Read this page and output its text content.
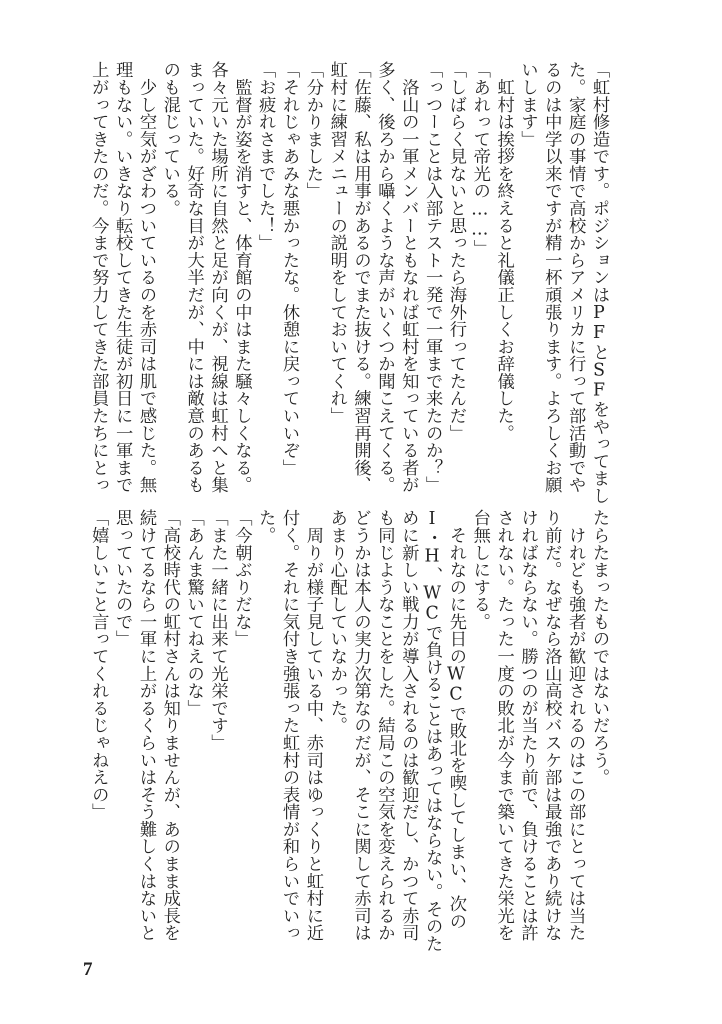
「虹村修造です。ポジションはPFとSFをやってまし
た。家庭の事情で高校からアメリカに行って部活動でや
るのは中学以来ですが精一杯頑張ります。よろしくお願
いします」
　虹村は挨拶を終えると礼儀正しくお辞儀した。
「あれって帝光の……」
「しばらく見ないと思ったら海外行ってたんだ」
「っつーことは入部テスト一発で一軍まで来たのか？」
　洛山の一軍メンバーともなれば虹村を知っている者が
多く、後ろから囁くような声がいくつか聞こえてくる。
「佐藤、私は用事があるのでまた抜ける。練習再開後、
虹村に練習メニューの説明をしておいてくれ」
「分かりました」
「それじゃあみな悪かったな。休憩に戻っていいぞ」
「お疲れさまでした！」
　監督が姿を消すと、体育館の中はまた騒々しくなる。
各々元いた場所に自然と足が向くが、視線は虹村へと集
まっていた。好奇な目が大半だが、中には敵意のあるも
のも混じっている。
　少し空気がざわついているのを赤司は肌で感じた。無
理もない。いきなり転校してきた生徒が初日に一軍まで
上がってきたのだ。今まで努力してきた部員たちにとっ
たらたまったものではないだろう。
　けれども強者が歓迎されるのはこの部にとっては当た
り前だ。なぜなら洛山高校バスケ部は最強であり続けな
ければならない。勝つのが当たり前で、負けることは許
されない。たった一度の敗北が今まで築いてきた栄光を
台無しにする。
　それなのに先日のWCで敗北を喫してしまい、次の
I・H、WCで負けることはあってはならない。そのた
めに新しい戦力が導入されるのは歓迎だし、かつて赤司
も同じようなことをした。結局この空気を変えられるか
どうかは本人の実力次第なのだが、そこに関して赤司は
あまり心配していなかった。
　周りが様子見している中、赤司はゆっくりと虹村に近
付く。それに気付き強張った虹村の表情が和らいでいっ
た。
「今朝ぶりだな」
「また一緒に出来て光栄です」
「あんま驚いてねえのな」
「高校時代の虹村さんは知りませんが、あのまま成長を
続けてるなら一軍に上がるくらいはそう難しくはないと
思っていたので」
「嬉しいこと言ってくれるじゃねえの」
7
